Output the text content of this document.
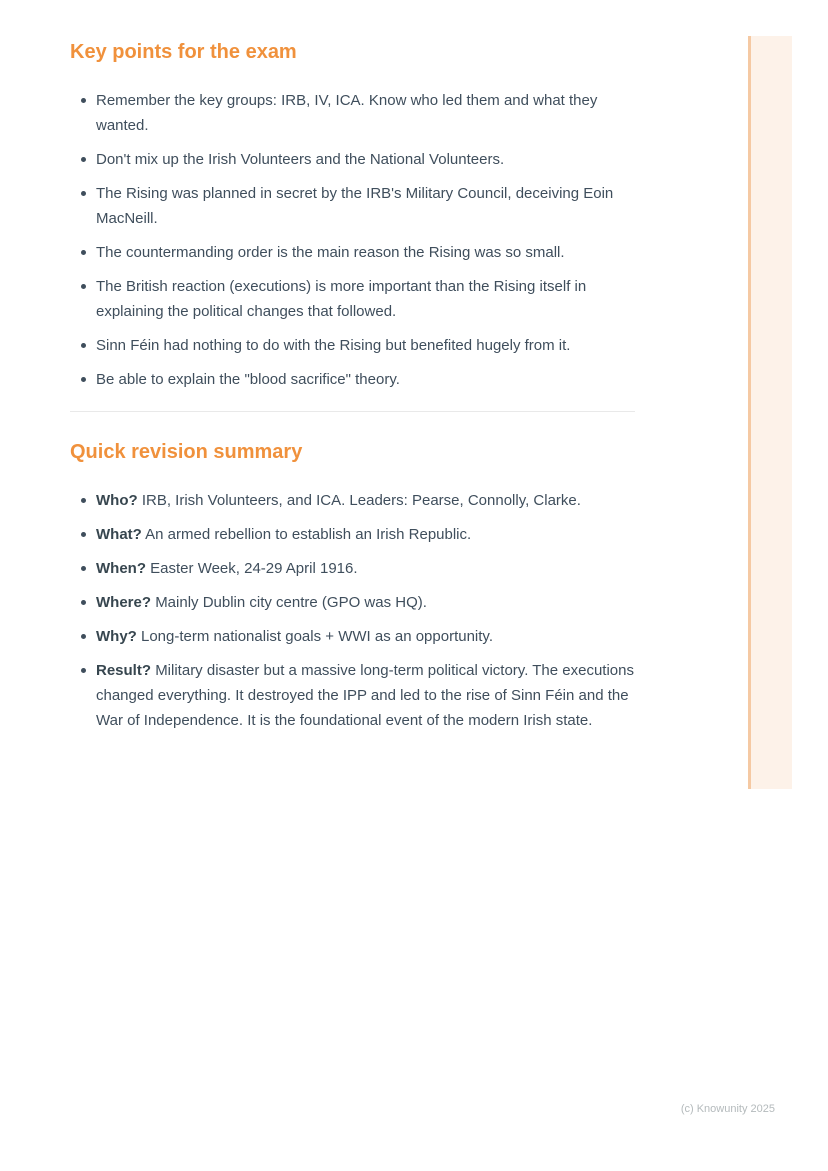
Key points for the exam
Remember the key groups: IRB, IV, ICA. Know who led them and what they wanted.
Don't mix up the Irish Volunteers and the National Volunteers.
The Rising was planned in secret by the IRB's Military Council, deceiving Eoin MacNeill.
The countermanding order is the main reason the Rising was so small.
The British reaction (executions) is more important than the Rising itself in explaining the political changes that followed.
Sinn Féin had nothing to do with the Rising but benefited hugely from it.
Be able to explain the "blood sacrifice" theory.
Quick revision summary
Who? IRB, Irish Volunteers, and ICA. Leaders: Pearse, Connolly, Clarke.
What? An armed rebellion to establish an Irish Republic.
When? Easter Week, 24-29 April 1916.
Where? Mainly Dublin city centre (GPO was HQ).
Why? Long-term nationalist goals + WWI as an opportunity.
Result? Military disaster but a massive long-term political victory. The executions changed everything. It destroyed the IPP and led to the rise of Sinn Féin and the War of Independence. It is the foundational event of the modern Irish state.
(c) Knowunity 2025
